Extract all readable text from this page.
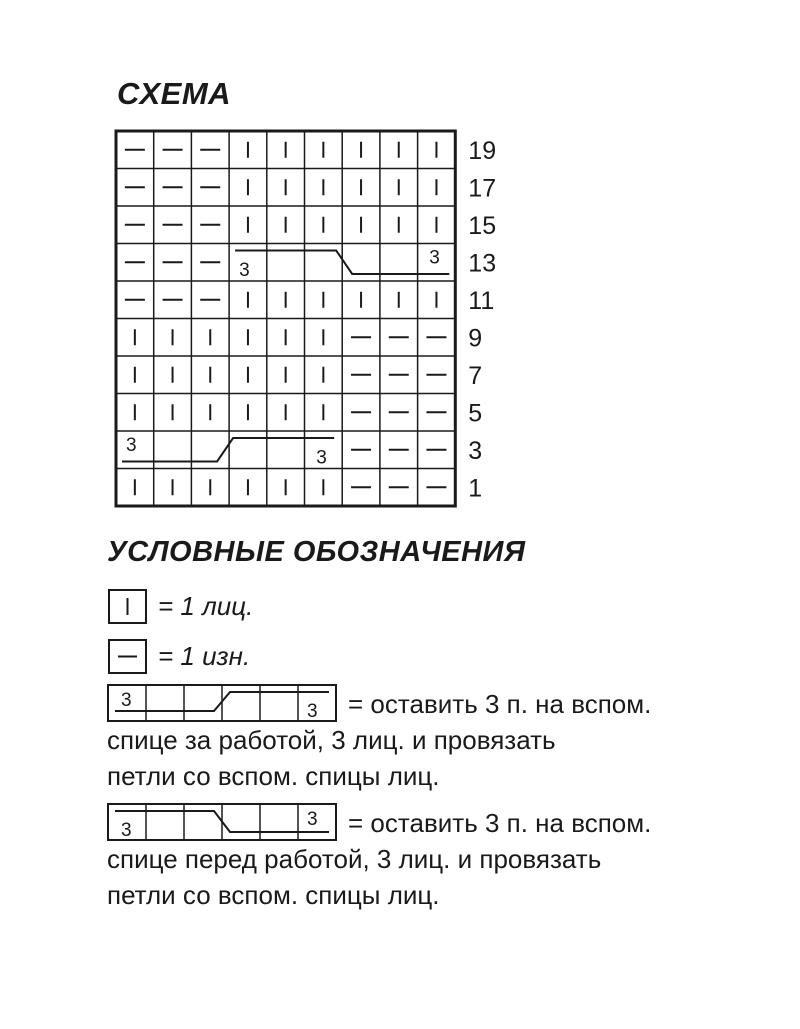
СХЕМА
3
3
3
3
19
17
15
13
11
9
7
5
3
1
УСЛОВНЫЕ ОБОЗНАЧЕНИЯ
= 1 лиц.
= 1 изн.
3
3 = оставить 3 п. на вспом.
спице за работой, 3 лиц. и провязать
петли со вспом. спицы лиц.
3
3 = оставить 3 п. на вспом.
спице перед работой, 3 лиц. и провязать
петли со вспом. спицы лиц.
